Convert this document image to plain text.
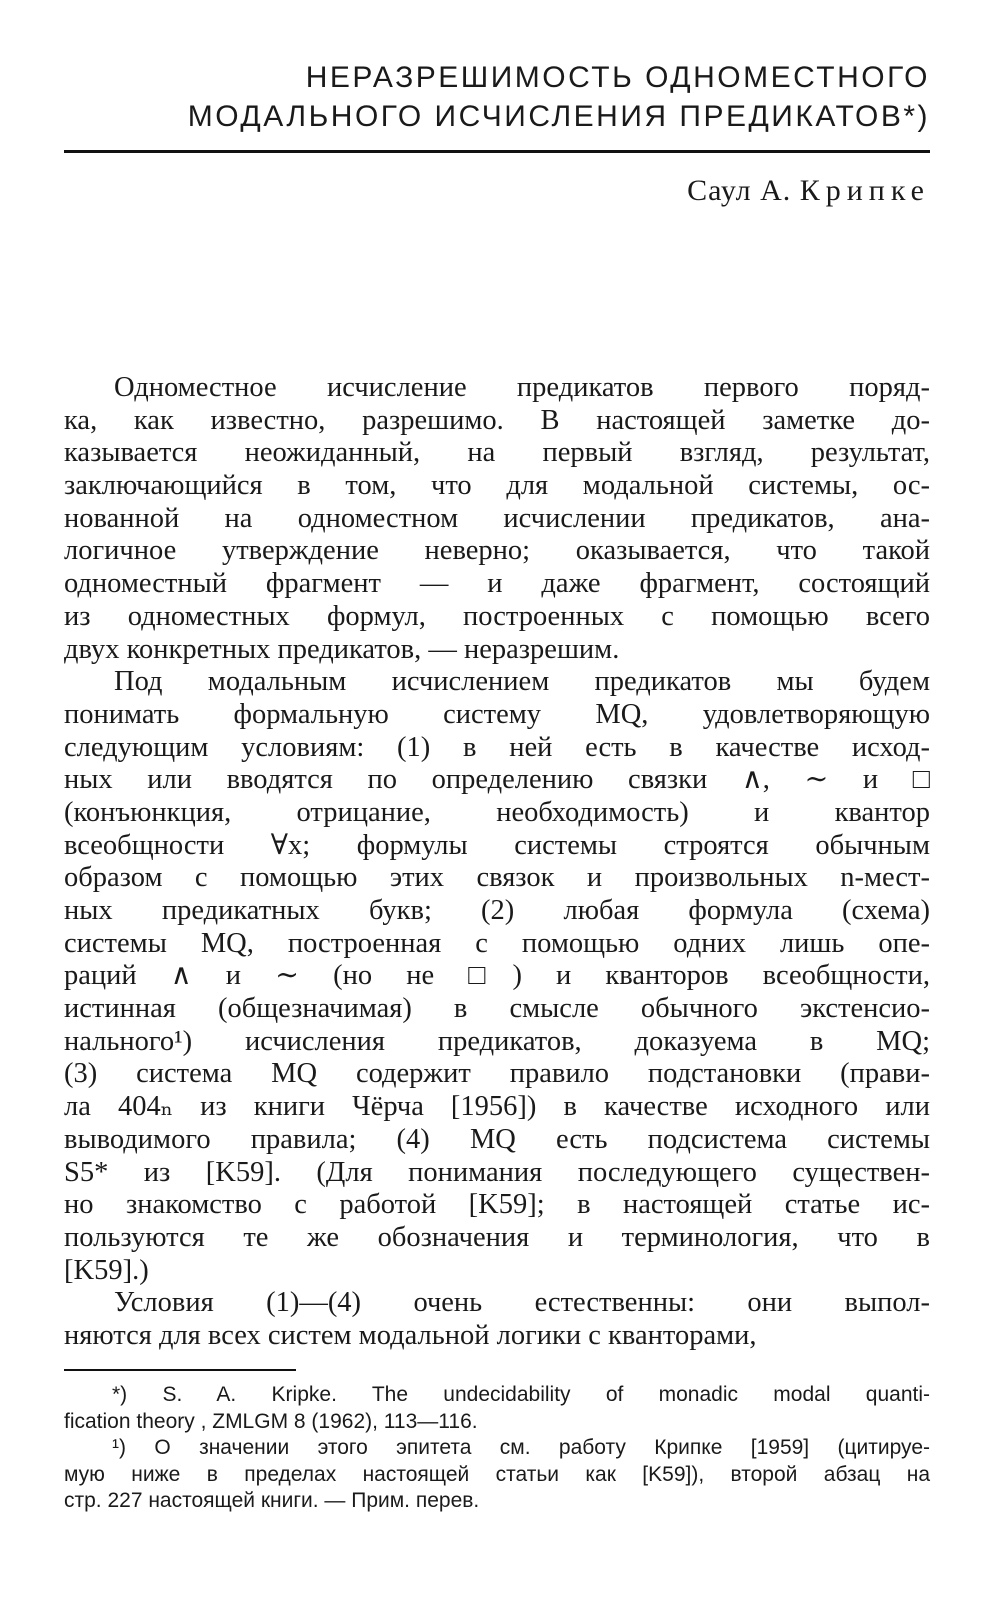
НЕРАЗРЕШИМОСТЬ ОДНОМЕСТНОГО
МОДАЛЬНОГО ИСЧИСЛЕНИЯ ПРЕДИКАТОВ*)
Саул А. Крипке
Одноместное исчисление предикатов первого поряд-
ка, как известно, разрешимо. В настоящей заметке до-
казывается неожиданный, на первый взгляд, результат,
заключающийся в том, что для модальной системы, ос-
нованной на одноместном исчислении предикатов, ана-
логичное утверждение неверно; оказывается, что такой
одноместный фрагмент — и даже фрагмент, состоящий
из одноместных формул, построенных с помощью всего
двух конкретных предикатов, — неразрешим.
Под модальным исчислением предикатов мы будем
понимать формальную систему MQ, удовлетворяющую
следующим условиям: (1) в ней есть в качестве исход-
ных или вводятся по определению связки ∧, ∼ и □
(конъюнкция, отрицание, необходимость) и квантор
всеобщности ∀x; формулы системы строятся обычным
образом с помощью этих связок и произвольных n-мест-
ных предикатных букв; (2) любая формула (схема)
системы MQ, построенная с помощью одних лишь опе-
раций ∧ и ∼ (но не □) и кванторов всеобщности,
истинная (общезначимая) в смысле обычного экстенсио-
нального¹) исчисления предикатов, доказуема в MQ;
(3) система MQ содержит правило подстановки (прави-
ла 404ₙ из книги Чёрча [1956]) в качестве исходного или
выводимого правила; (4) MQ есть подсистема системы
S5* из [K59]. (Для понимания последующего существен-
но знакомство с работой [K59]; в настоящей статье ис-
пользуются те же обозначения и терминология, что в
[K59].)
Условия (1)—(4) очень естественны: они выпол-
няются для всех систем модальной логики с кванторами,
*) S. A. Kripke. The undecidability of monadic modal quanti-
fication theory , ZMLGM 8 (1962), 113—116.
¹) О значении этого эпитета см. работу Крипке [1959] (цитируе-
мую ниже в пределах настоящей статьи как [K59]), второй абзац на
стр. 227 настоящей книги. — Прим. перев.
